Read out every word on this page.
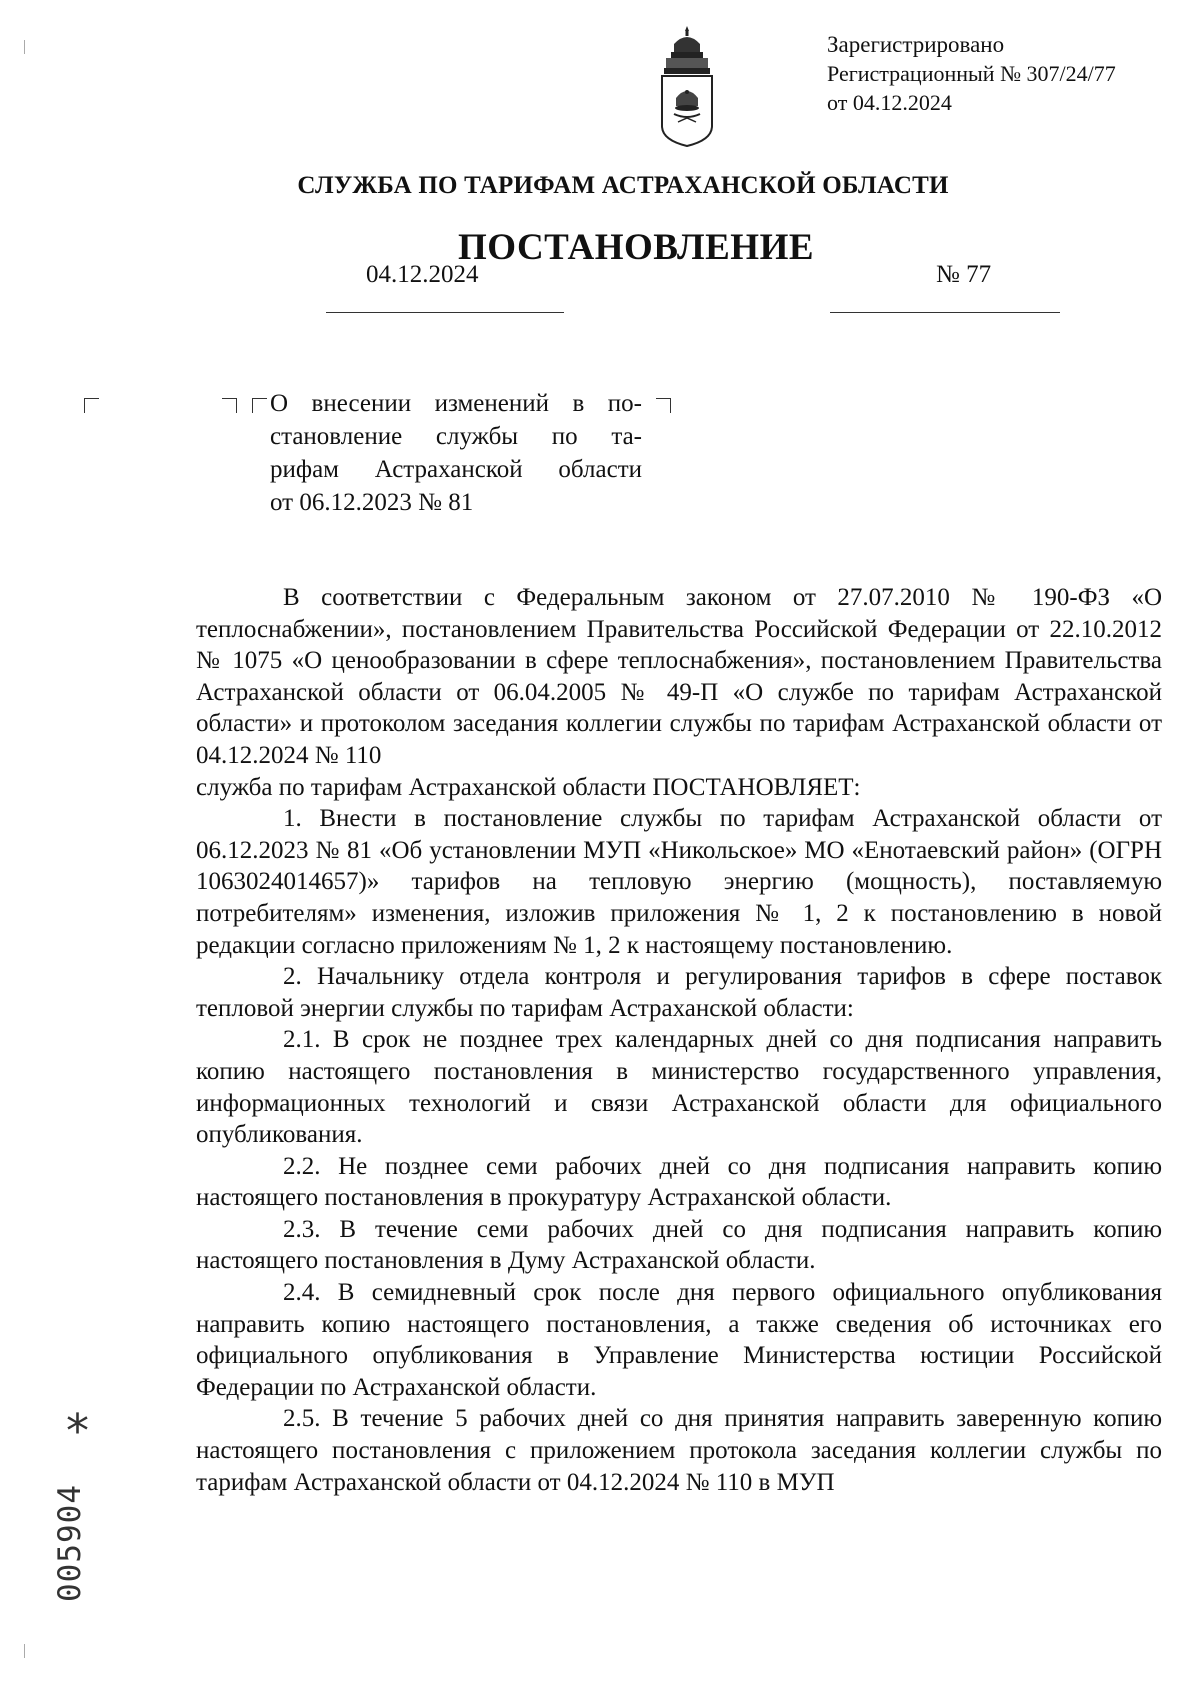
Зарегистрировано
Регистрационный № 307/24/77
от 04.12.2024
СЛУЖБА ПО ТАРИФАМ АСТРАХАНСКОЙ ОБЛАСТИ
ПОСТАНОВЛЕНИЕ
04.12.2024	№ 77
О внесении изменений в по-
становление службы по та-
рифам Астраханской области
от 06.12.2023 № 81

В соответствии с Федеральным законом от 27.07.2010 № 190-ФЗ «О теплоснабжении», постановлением Правительства Российской Федерации от 22.10.2012 № 1075 «О ценообразовании в сфере теплоснабжения», постановлением Правительства Астраханской области от 06.04.2005 № 49-П «О службе по тарифам Астраханской области» и протоколом заседания коллегии службы по тарифам Астраханской области от 04.12.2024 № 110

служба по тарифам Астраханской области ПОСТАНОВЛЯЕТ:

1. Внести в постановление службы по тарифам Астраханской области от 06.12.2023 № 81 «Об установлении МУП «Никольское» МО «Енотаевский район» (ОГРН 1063024014657)» тарифов на тепловую энергию (мощность), поставляемую потребителям» изменения, изложив приложения № 1, 2 к постановлению в новой редакции согласно приложениям № 1, 2 к настоящему постановлению.

2. Начальнику отдела контроля и регулирования тарифов в сфере поставок тепловой энергии службы по тарифам Астраханской области:

2.1. В срок не позднее трех календарных дней со дня подписания направить копию настоящего постановления в министерство государственного управления, информационных технологий и связи Астраханской области для официального опубликования.

2.2. Не позднее семи рабочих дней со дня подписания направить копию настоящего постановления в прокуратуру Астраханской области.

2.3. В течение семи рабочих дней со дня подписания направить копию настоящего постановления в Думу Астраханской области.

2.4. В семидневный срок после дня первого официального опубликования направить копию настоящего постановления, а также сведения об источниках его официального опубликования в Управление Министерства юстиции Российской Федерации по Астраханской области.

2.5. В течение 5 рабочих дней со дня принятия направить заверенную копию настоящего постановления с приложением протокола заседания коллегии службы по тарифам Астраханской области от 04.12.2024 № 110 в МУП

*
005904
